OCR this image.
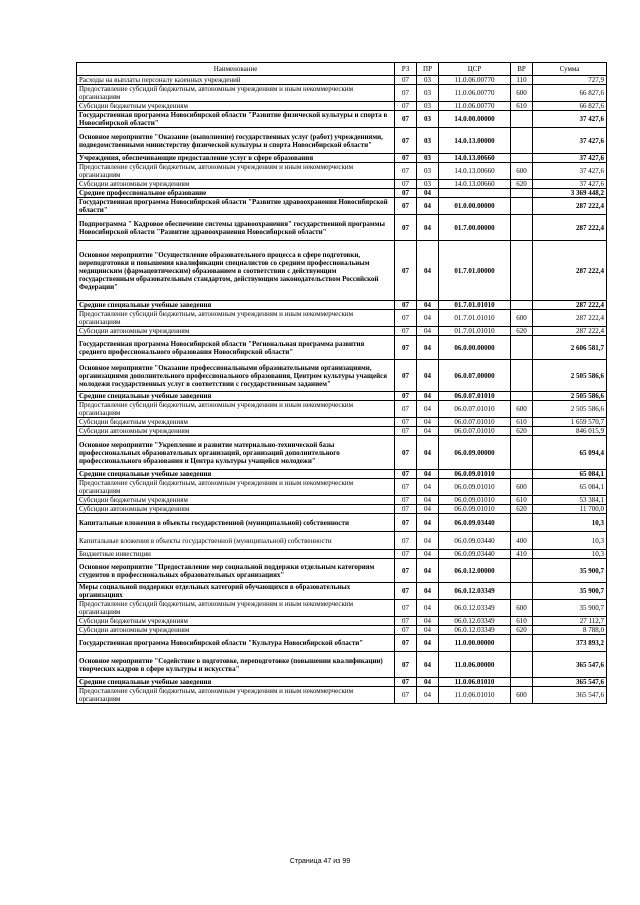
Наименование	РЗ	ПР	ЦСР	ВР	Сумма
Расходы на выплаты персоналу казенных учреждений	07	03	11.0.06.00770	110	727,9
Предоставление субсидий бюджетным, автономным учреждениям и иным некоммерческим организациям	07	03	11.0.06.00770	600	66 827,6
Субсидии бюджетным учреждениям	07	03	11.0.06.00770	610	66 827,6
Государственная программа Новосибирской области "Развитие физической культуры и спорта в Новосибирской области"	07	03	14.0.00.00000		37 427,6
Основное мероприятие "Оказание (выполнение) государственных услуг (работ) учреждениями, подведомственными министерству физической культуры и спорта Новосибирской области"	07	03	14.0.13.00000		37 427,6
Учреждения, обеспечивающие предоставление услуг в сфере образования	07	03	14.0.13.00660		37 427,6
Предоставление субсидий бюджетным, автономным учреждениям и иным некоммерческим организациям	07	03	14.0.13.00660	600	37 427,6
Субсидии автономным учреждениям	07	03	14.0.13.00660	620	37 427,6
Среднее профессиональное образование	07	04			3 369 448,2
Государственная программа Новосибирской области "Развитие здравоохранения Новосибирской области"	07	04	01.0.00.00000		287 222,4
Подпрограмма " Кадровое обеспечение системы здравоохранения" государственной программы Новосибирской области "Развитие здравоохранения Новосибирской области"	07	04	01.7.00.00000		287 222,4
Основное мероприятие "Осуществление образовательного процесса в сфере подготовки, переподготовки и повышения квалификации специалистов со средним профессиональным медицинским (фармацевтическим) образованием в соответствии с действующим государственным образовательным стандартом, действующим законодательством Российской Федерации"	07	04	01.7.01.00000		287 222,4
Средние специальные учебные заведения	07	04	01.7.01.01010		287 222,4
Предоставление субсидий бюджетным, автономным учреждениям и иным некоммерческим организациям	07	04	01.7.01.01010	600	287 222,4
Субсидии автономным учреждениям	07	04	01.7.01.01010	620	287 222,4
Государственная программа Новосибирской области "Региональная программа развития среднего профессионального образования Новосибирской области"	07	04	06.0.00.00000		2 606 581,7
Основное мероприятие "Оказание профессиональными образовательными организациями, организациями дополнительного профессионального образования, Центром культуры учащейся молодежи государственных услуг в соответствии с государственным заданием"	07	04	06.0.07.00000		2 505 586,6
Средние специальные учебные заведения	07	04	06.0.07.01010		2 505 586,6
Предоставление субсидий бюджетным, автономным учреждениям и иным некоммерческим организациям	07	04	06.0.07.01010	600	2 505 586,6
Субсидии бюджетным учреждениям	07	04	06.0.07.01010	610	1 659 570,7
Субсидии автономным учреждениям	07	04	06.0.07.01010	620	846 015,9
Основное мероприятие "Укрепление и развитие материально-технической базы профессиональных образовательных организаций, организаций дополнительного профессионального образования и Центра культуры учащейся молодежи"	07	04	06.0.09.00000		65 094,4
Средние специальные учебные заведения	07	04	06.0.09.01010		65 084,1
Предоставление субсидий бюджетным, автономным учреждениям и иным некоммерческим организациям	07	04	06.0.09.01010	600	65 084,1
Субсидии бюджетным учреждениям	07	04	06.0.09.01010	610	53 384,1
Субсидии автономным учреждениям	07	04	06.0.09.01010	620	11 700,0
Капитальные вложения в объекты государственной (муниципальной) собственности	07	04	06.0.09.03440		10,3
Капитальные вложения в объекты государственной (муниципальной) собственности	07	04	06.0.09.03440	400	10,3
Бюджетные инвестиции	07	04	06.0.09.03440	410	10,3
Основное мероприятие "Предоставление мер социальной поддержки отдельным категориям студентов в профессиональных образовательных организациях"	07	04	06.0.12.00000		35 900,7
Меры социальной поддержки отдельных категорий обучающихся в образовательных организациях	07	04	06.0.12.03349		35 900,7
Предоставление субсидий бюджетным, автономным учреждениям и иным некоммерческим организациям	07	04	06.0.12.03349	600	35 900,7
Субсидии бюджетным учреждениям	07	04	06.0.12.03349	610	27 112,7
Субсидии автономным учреждениям	07	04	06.0.12.03349	620	8 788,0
Государственная программа Новосибирской области "Культура Новосибирской области"	07	04	11.0.00.00000		373 893,2
Основное мероприятие "Содействие в подготовке, переподготовке (повышении квалификации) творческих кадров в сфере культуры и искусства"	07	04	11.0.06.00000		365 547,6
Средние специальные учебные заведения	07	04	11.0.06.01010		365 547,6
Предоставление субсидий бюджетным, автономным учреждениям и иным некоммерческим организациям	07	04	11.0.06.01010	600	365 547,6
Страница 47 из 99
